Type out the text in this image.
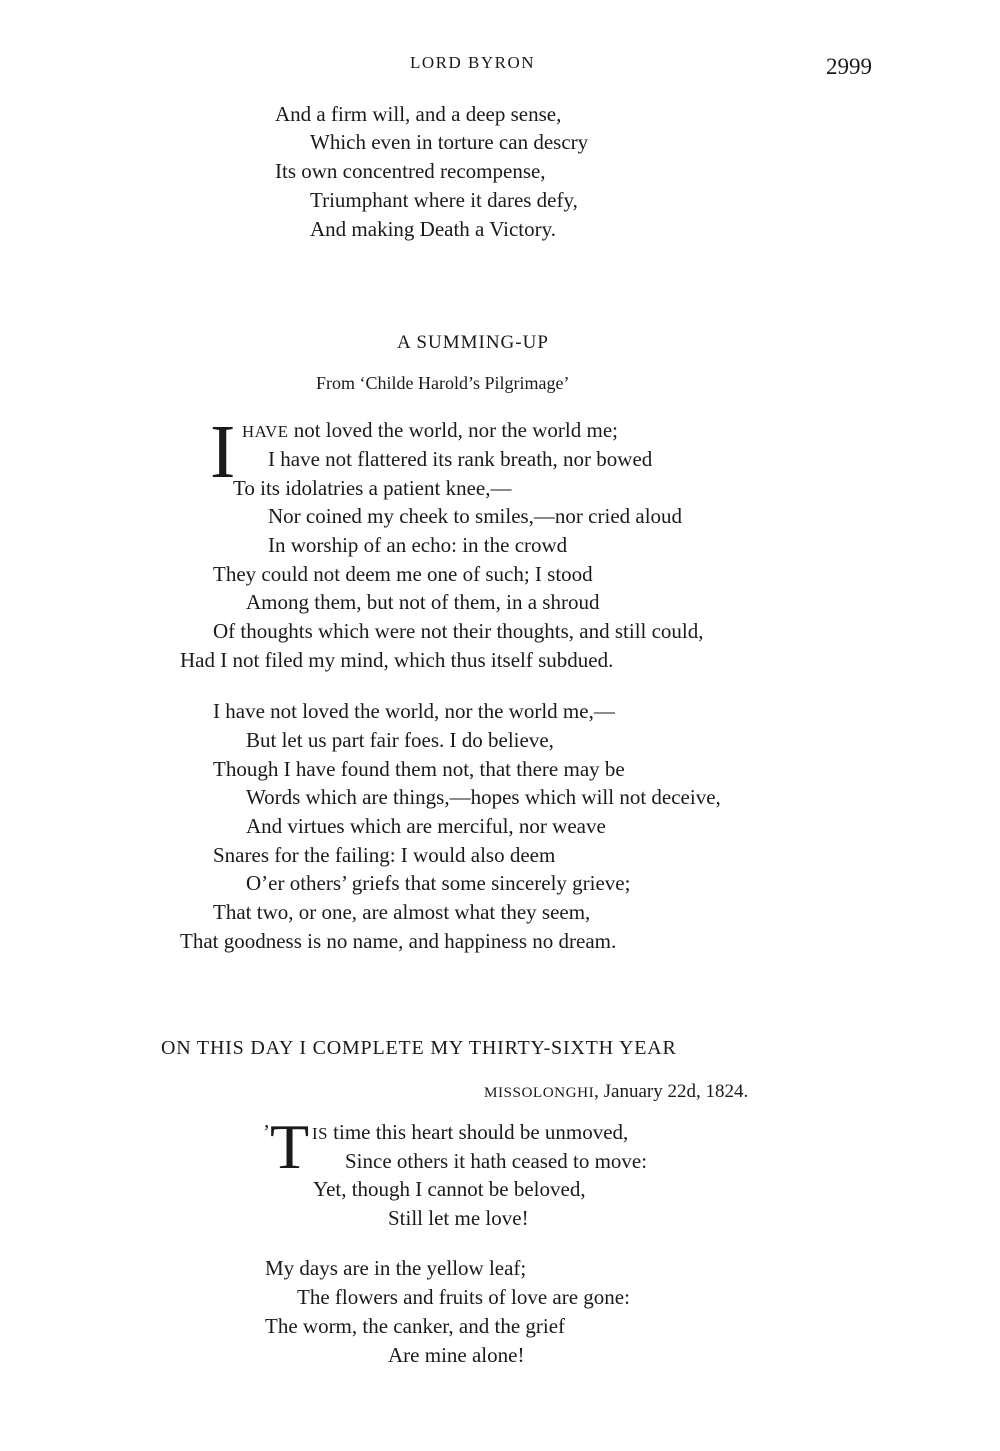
LORD BYRON	2999
And a firm will, and a deep sense,
Which even in torture can descry
Its own concentred recompense,
Triumphant where it dares defy,
And making Death a Victory.
A SUMMING-UP
From ‘Childe Harold’s Pilgrimage’
I HAVE not loved the world, nor the world me;
I have not flattered its rank breath, nor bowed
To its idolatries a patient knee,—
Nor coined my cheek to smiles,—nor cried aloud
In worship of an echo: in the crowd
They could not deem me one of such; I stood
Among them, but not of them, in a shroud
Of thoughts which were not their thoughts, and still could,
Had I not filed my mind, which thus itself subdued.
I have not loved the world, nor the world me,—
But let us part fair foes. I do believe,
Though I have found them not, that there may be
Words which are things,—hopes which will not deceive,
And virtues which are merciful, nor weave
Snares for the failing: I would also deem
O’er others’ griefs that some sincerely grieve;
That two, or one, are almost what they seem,
That goodness is no name, and happiness no dream.
ON THIS DAY I COMPLETE MY THIRTY-SIXTH YEAR
MISSOLONGHI, January 22d, 1824.
’ T IS time this heart should be unmoved,
Since others it hath ceased to move:
Yet, though I cannot be beloved,
Still let me love!
My days are in the yellow leaf;
The flowers and fruits of love are gone:
The worm, the canker, and the grief
Are mine alone!
